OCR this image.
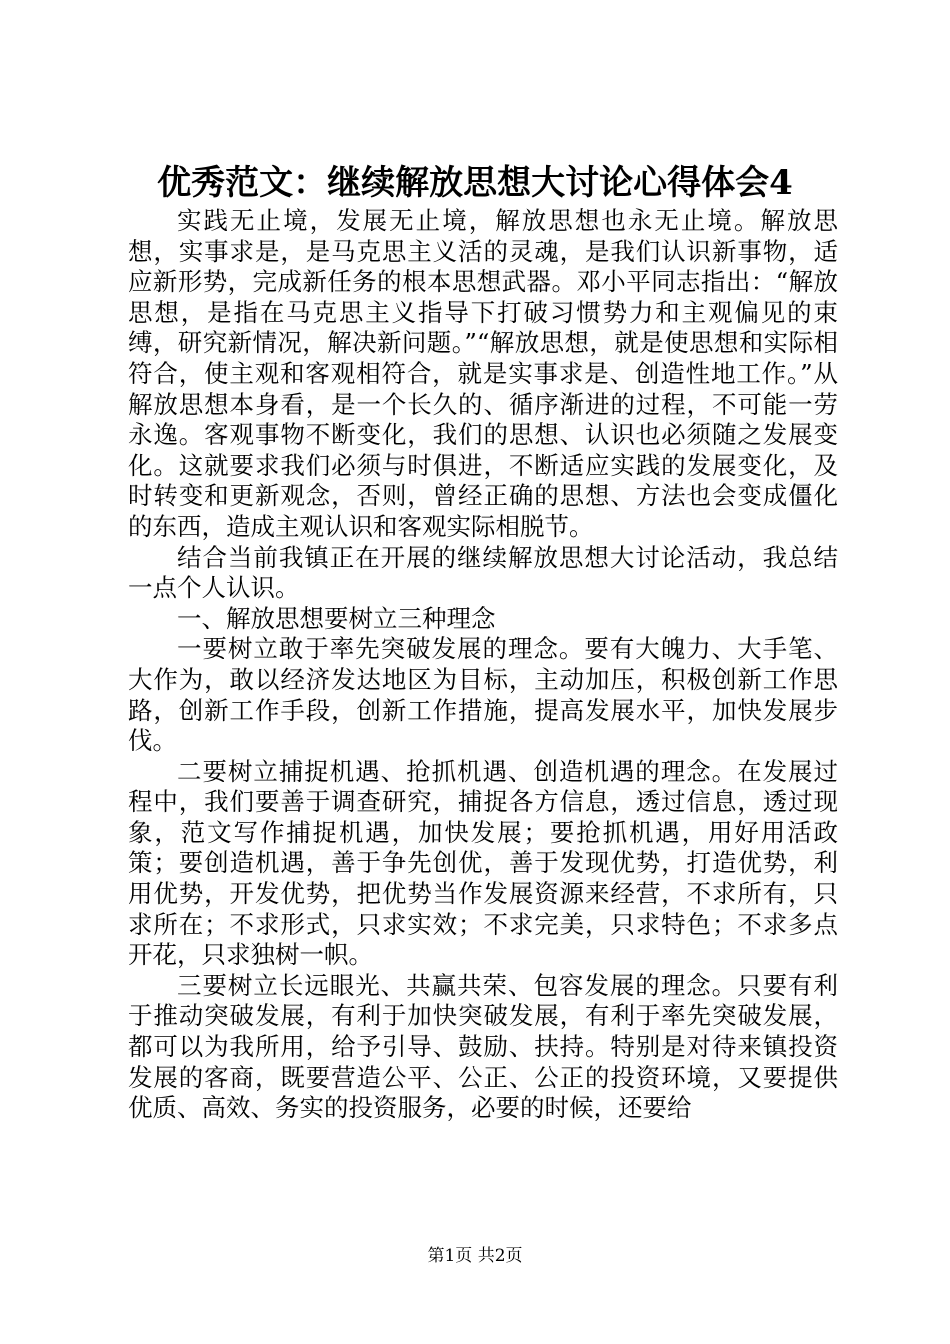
优秀范文：继续解放思想大讨论心得体会4

实践无止境，发展无止境，解放思想也永无止境。解放思想，实事求是，是马克思主义活的灵魂，是我们认识新事物，适应新形势，完成新任务的根本思想武器。邓小平同志指出：“解放思想，是指在马克思主义指导下打破习惯势力和主观偏见的束缚，研究新情况，解决新问题。”“解放思想，就是使思想和实际相符合，使主观和客观相符合，就是实事求是、创造性地工作。”从解放思想本身看，是一个长久的、循序渐进的过程，不可能一劳永逸。客观事物不断变化，我们的思想、认识也必须随之发展变化。这就要求我们必须与时俱进，不断适应实践的发展变化，及时转变和更新观念，否则，曾经正确的思想、方法也会变成僵化的东西，造成主观认识和客观实际相脱节。

结合当前我镇正在开展的继续解放思想大讨论活动，我总结一点个人认识。

一、解放思想要树立三种理念

一要树立敢于率先突破发展的理念。要有大魄力、大手笔、大作为，敢以经济发达地区为目标，主动加压，积极创新工作思路，创新工作手段，创新工作措施，提高发展水平，加快发展步伐。

二要树立捕捉机遇、抢抓机遇、创造机遇的理念。在发展过程中，我们要善于调查研究，捕捉各方信息，透过信息，透过现象，范文写作捕捉机遇，加快发展；要抢抓机遇，用好用活政策；要创造机遇，善于争先创优，善于发现优势，打造优势，利用优势，开发优势，把优势当作发展资源来经营，不求所有，只求所在；不求形式，只求实效；不求完美，只求特色；不求多点开花，只求独树一帜。

三要树立长远眼光、共赢共荣、包容发展的理念。只要有利于推动突破发展，有利于加快突破发展，有利于率先突破发展，都可以为我所用，给予引导、鼓励、扶持。特别是对待来镇投资发展的客商，既要营造公平、公正、公正的投资环境，又要提供优质、高效、务实的投资服务，必要的时候，还要给

第1页 共2页
